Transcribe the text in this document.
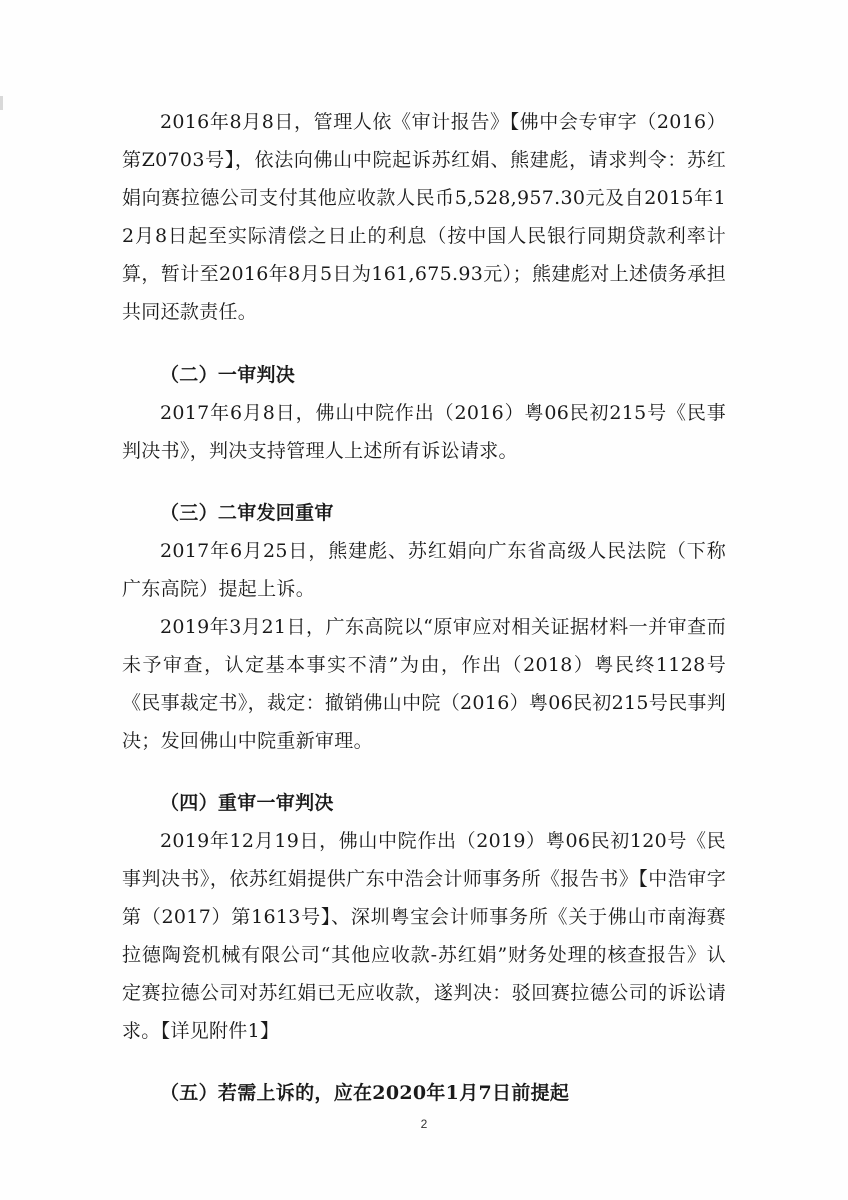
2016年8月8日，管理人依《审计报告》【佛中会专审字（2016）第Z0703号】，依法向佛山中院起诉苏红娟、熊建彪，请求判令：苏红娟向赛拉德公司支付其他应收款人民币5,528,957.30元及自2015年12月8日起至实际清偿之日止的利息（按中国人民银行同期贷款利率计算，暂计至2016年8月5日为161,675.93元）；熊建彪对上述债务承担共同还款责任。

（二）一审判决

2017年6月8日，佛山中院作出（2016）粤06民初215号《民事判决书》，判决支持管理人上述所有诉讼请求。

（三）二审发回重审

2017年6月25日，熊建彪、苏红娟向广东省高级人民法院（下称广东高院）提起上诉。

2019年3月21日，广东高院以“原审应对相关证据材料一并审查而未予审查，认定基本事实不清”为由，作出（2018）粤民终1128号《民事裁定书》，裁定：撤销佛山中院（2016）粤06民初215号民事判决；发回佛山中院重新审理。

（四）重审一审判决

2019年12月19日，佛山中院作出（2019）粤06民初120号《民事判决书》，依苏红娟提供广东中浩会计师事务所《报告书》【中浩审字第（2017）第1613号】、深圳粤宝会计师事务所《关于佛山市南海赛拉德陶瓷机械有限公司“其他应收款-苏红娟”财务处理的核查报告》认定赛拉德公司对苏红娟已无应收款，遂判决：驳回赛拉德公司的诉讼请求。【详见附件1】

（五）若需上诉的，应在2020年1月7日前提起

2
